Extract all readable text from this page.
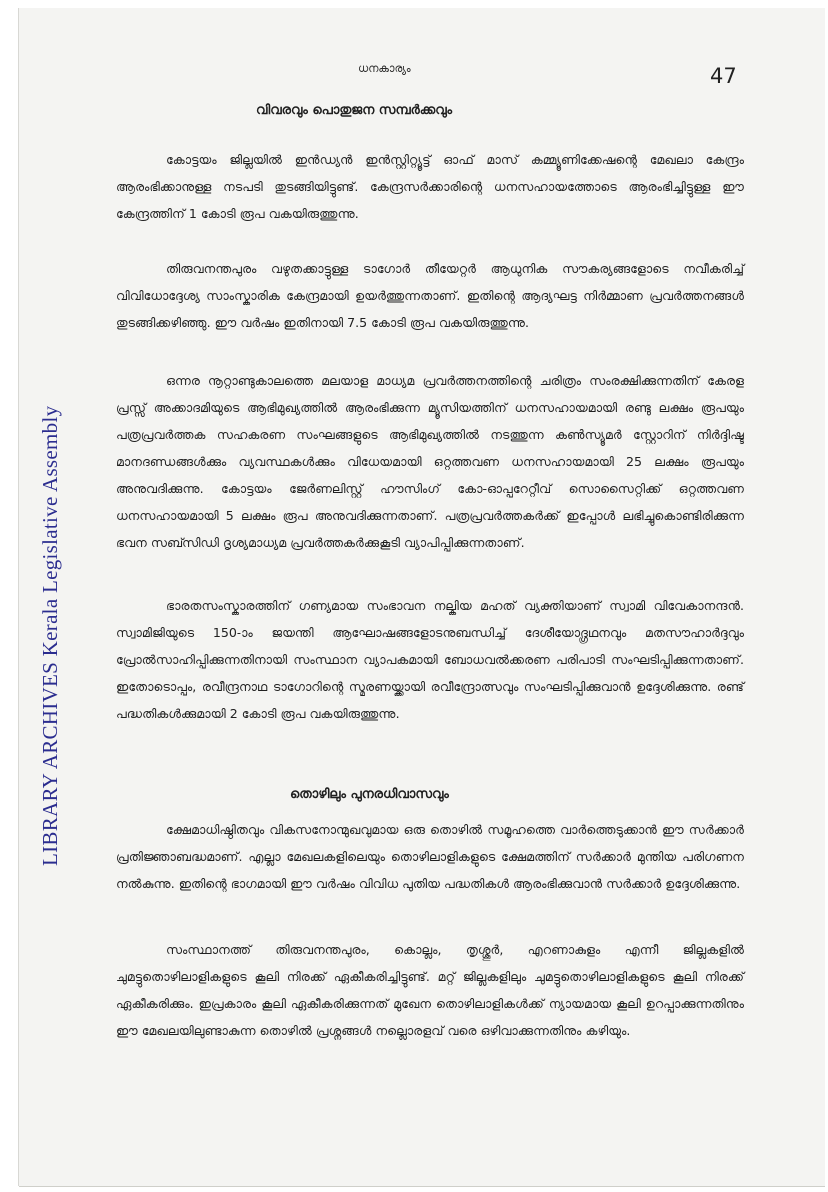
LIBRARY ARCHIVES Kerala Legislative Assembly
ധനകാര്യം	47
വിവരവും പൊതുജന സമ്പർക്കവും

കോട്ടയം ജില്ലയിൽ ഇൻഡ്യൻ ഇൻസ്റ്റിറ്റ്യൂട്ട് ഓഫ് മാസ് കമ്മ്യൂണിക്കേഷന്റെ മേഖലാ കേന്ദ്രം ആരംഭിക്കാനുള്ള നടപടി തുടങ്ങിയിട്ടുണ്ട്. കേന്ദ്രസർക്കാരിന്റെ ധനസഹായത്തോടെ ആരംഭിച്ചിട്ടുള്ള ഈ കേന്ദ്രത്തിന് 1 കോടി രൂപ വകയിരുത്തുന്നു.

തിരുവനന്തപുരം വഴുതക്കാട്ടുള്ള ടാഗോർ തീയേറ്റർ ആധുനിക സൗകര്യങ്ങളോടെ നവീകരിച്ച് വിവിധോദ്ദേശ്യ സാംസ്കാരിക കേന്ദ്രമായി ഉയർത്തുന്നതാണ്. ഇതിന്റെ ആദ്യഘട്ട നിർമ്മാണ പ്രവർത്തനങ്ങൾ തുടങ്ങിക്കഴിഞ്ഞു. ഈ വർഷം ഇതിനായി 7.5 കോടി രൂപ വകയിരുത്തുന്നു.

ഒന്നര നൂറ്റാണ്ടുകാലത്തെ മലയാള മാധ്യമ പ്രവർത്തനത്തിന്റെ ചരിത്രം സംരക്ഷിക്കുന്നതിന് കേരള പ്രസ്സ് അക്കാദമിയുടെ ആഭിമുഖ്യത്തിൽ ആരംഭിക്കുന്ന മ്യൂസിയത്തിന് ധനസഹായമായി രണ്ടു ലക്ഷം രൂപയും പത്രപ്രവർത്തക സഹകരണ സംഘങ്ങളുടെ ആഭിമുഖ്യത്തിൽ നടത്തുന്ന കൺസ്യൂമർ സ്റ്റോറിന് നിർദ്ദിഷ്ട മാനദണ്ഡങ്ങൾക്കും വ്യവസ്ഥകൾക്കും വിധേയമായി ഒറ്റത്തവണ ധനസഹായമായി 25 ലക്ഷം രൂപയും അനുവദിക്കുന്നു. കോട്ടയം ജേർണലിസ്റ്റ് ഹൗസിംഗ് കോ-ഓപ്പറേറ്റീവ് സൊസൈറ്റിക്ക് ഒറ്റത്തവണ ധനസഹായമായി 5 ലക്ഷം രൂപ അനുവദിക്കുന്നതാണ്. പത്രപ്രവർത്തകർക്ക് ഇപ്പോൾ ലഭിച്ചുകൊണ്ടിരിക്കുന്ന ഭവന സബ്സിഡി ദൃശ്യമാധ്യമ പ്രവർത്തകർക്കുകൂടി വ്യാപിപ്പിക്കുന്നതാണ്.

ഭാരതസംസ്കാരത്തിന് ഗണ്യമായ സംഭാവന നല്കിയ മഹത് വ്യക്തിയാണ് സ്വാമി വിവേകാനന്ദൻ. സ്വാമിജിയുടെ 150-ാം ജയന്തി ആഘോഷങ്ങളോടനുബന്ധിച്ച് ദേശീയോദ്ഗ്രഥനവും മതസൗഹാർദ്ദവും പ്രോൽസാഹിപ്പിക്കുന്നതിനായി സംസ്ഥാന വ്യാപകമായി ബോധവൽക്കരണ പരിപാടി സംഘടിപ്പിക്കുന്നതാണ്. ഇതോടൊപ്പം, രവീന്ദ്രനാഥ ടാഗോറിന്റെ സ്മരണയ്ക്കായി രവീന്ദ്രോത്സവും സംഘടിപ്പിക്കുവാൻ ഉദ്ദേശിക്കുന്നു. രണ്ട് പദ്ധതികൾക്കുമായി 2 കോടി രൂപ വകയിരുത്തുന്നു.

തൊഴിലും പുനരധിവാസവും

ക്ഷേമാധിഷ്ഠിതവും വികസനോന്മുഖവുമായ ഒരു തൊഴിൽ സമൂഹത്തെ വാർത്തെടുക്കാൻ ഈ സർക്കാർ പ്രതിജ്ഞാബദ്ധമാണ്. എല്ലാ മേഖലകളിലെയും തൊഴിലാളികളുടെ ക്ഷേമത്തിന് സർക്കാർ മുന്തിയ പരിഗണന നൽകുന്നു. ഇതിന്റെ ഭാഗമായി ഈ വർഷം വിവിധ പുതിയ പദ്ധതികൾ ആരംഭിക്കുവാൻ സർക്കാർ ഉദ്ദേശിക്കുന്നു.

സംസ്ഥാനത്ത് തിരുവനന്തപുരം, കൊല്ലം, തൃശ്ശൂർ, എറണാകുളം എന്നീ ജില്ലകളിൽ ചുമട്ടുതൊഴിലാളികളുടെ കൂലി നിരക്ക് ഏകീകരിച്ചിട്ടുണ്ട്. മറ്റ് ജില്ലകളിലും ചുമട്ടുതൊഴിലാളികളുടെ കൂലി നിരക്ക് ഏകീകരിക്കും. ഇപ്രകാരം കൂലി ഏകീകരിക്കുന്നത് മുഖേന തൊഴിലാളികൾക്ക് ന്യായമായ കൂലി ഉറപ്പാക്കുന്നതിനും ഈ മേഖലയിലുണ്ടാകുന്ന തൊഴിൽ പ്രശ്നങ്ങൾ നല്ലൊരളവ് വരെ ഒഴിവാക്കുന്നതിനും കഴിയും.
